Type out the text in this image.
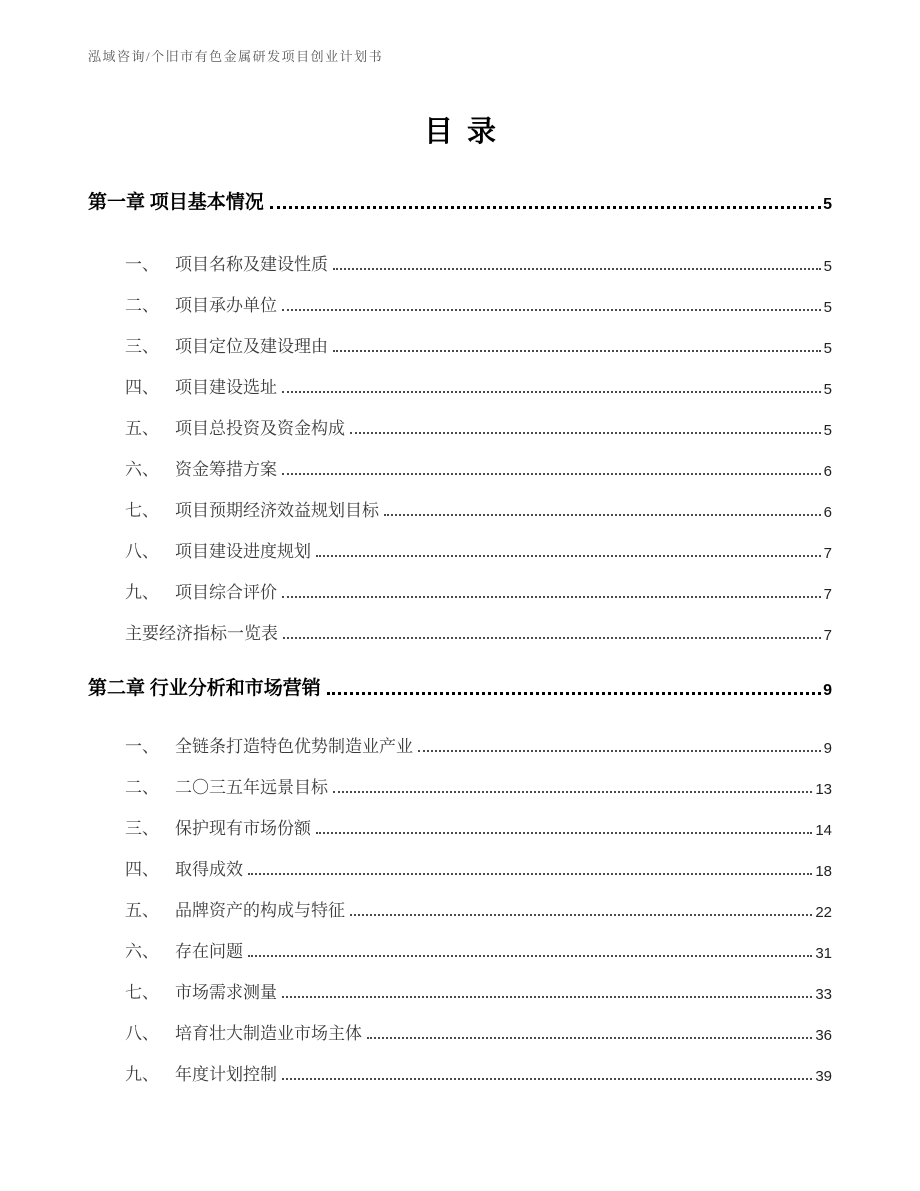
泓域咨询/个旧市有色金属研发项目创业计划书
目录
第一章 项目基本情况	5
一、 项目名称及建设性质	5
二、 项目承办单位	5
三、 项目定位及建设理由	5
四、 项目建设选址	5
五、 项目总投资及资金构成	5
六、 资金筹措方案	6
七、 项目预期经济效益规划目标	6
八、 项目建设进度规划	7
九、 项目综合评价	7
主要经济指标一览表	7
第二章 行业分析和市场营销	9
一、 全链条打造特色优势制造业产业	9
二、 二〇三五年远景目标	13
三、 保护现有市场份额	14
四、 取得成效	18
五、 品牌资产的构成与特征	22
六、 存在问题	31
七、 市场需求测量	33
八、 培育壮大制造业市场主体	36
九、 年度计划控制	39
